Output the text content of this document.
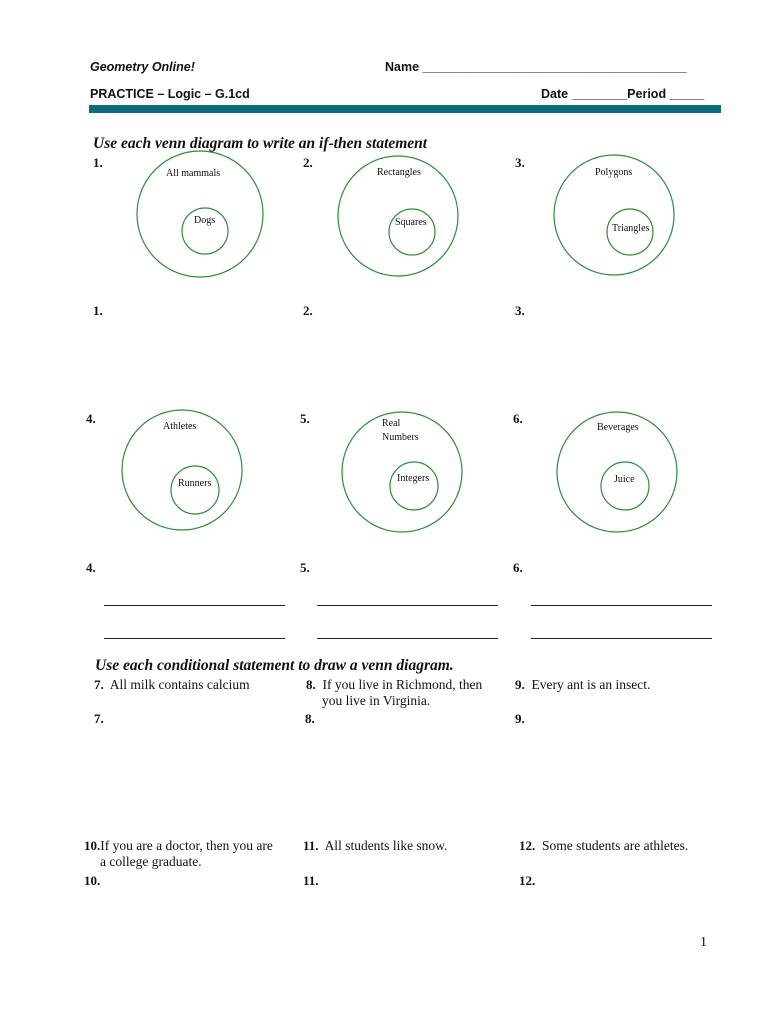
Geometry Online!	Name ______________________________________
PRACTICE – Logic – G.1cd	Date ________Period _____
Use each venn diagram to write an if-then statement
1.	2.	3.
All mammals
Dogs
Rectangles
Squares
Polygons
Triangles
1.	2.	3.
4.	5.	6.
Athletes
Runners
Real
Numbers
Integers
Beverages
Juice
4.	5.	6.
Use each conditional statement to draw a venn diagram.
7. All milk contains calcium	8. If you live in Richmond, then
you live in Virginia.
9. Every ant is an insect.
7.	8.	9.
10.If you are a doctor, then you are
a college graduate.
11. All students like snow.	12. Some students are athletes.
10.	11.	12.
1
